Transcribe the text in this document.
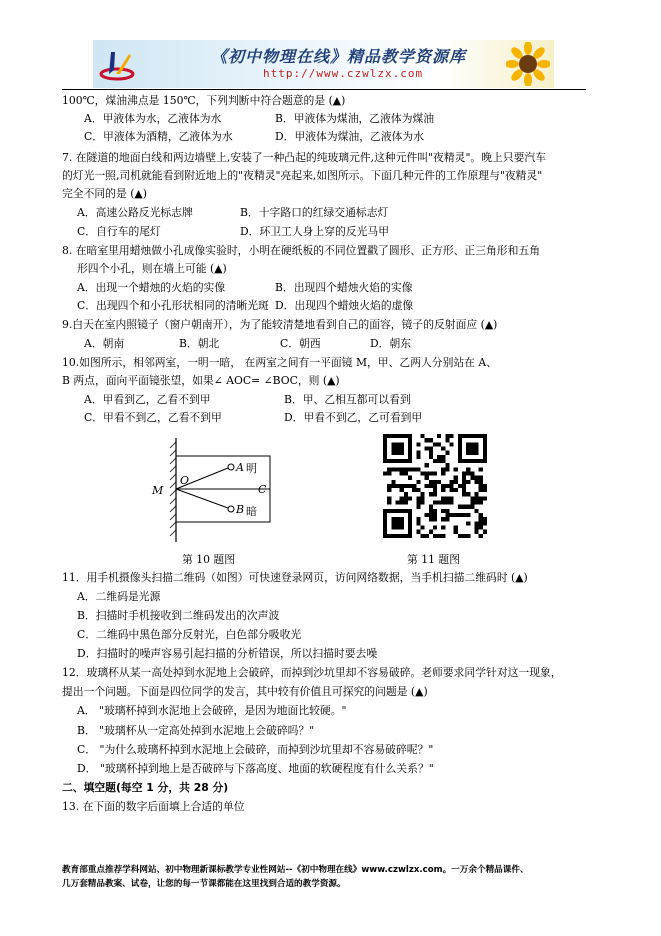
《初中物理在线》精品教学资源库
http://www.czwlzx.com
100℃，煤油沸点是 150℃，下列判断中符合题意的是 (▲)
A．甲液体为水，乙液体为水	B．甲液体为煤油，乙液体为煤油
C．甲液体为酒精，乙液体为水	D．甲液体为煤油，乙液体为水
7. 在隧道的地面白线和两边墙壁上,安装了一种凸起的纯玻璃元件,这种元件叫"夜精灵"。晚上只要汽车
的灯光一照,司机就能看到附近地上的"夜精灵"亮起来,如图所示。下面几种元件的工作原理与"夜精灵"
完全不同的是 (▲)
A．高速公路反光标志牌	B．十字路口的红绿交通标志灯
C．自行车的尾灯	D．环卫工人身上穿的反光马甲
8. 在暗室里用蜡烛做小孔成像实验时，小明在硬纸板的不同位置戳了圆形、正方形、正三角形和五角
形四个小孔，则在墙上可能 (▲)
A．出现一个蜡烛的火焰的实像	B．出现四个蜡烛火焰的实像
C．出现四个和小孔形状相同的清晰光斑 D．出现四个蜡烛火焰的虚像
9.白天在室内照镜子（窗户朝南开），为了能较清楚地看到自己的面容，镜子的反射面应 (▲)
A．朝南	B．朝北	C．朝西	D．朝东
10.如图所示，相邻两室，一明一暗， 在两室之间有一平面镜 M，甲、乙两人分别站在 A、
B 两点，面向平面镜张望，如果∠ AOC= ∠BOC，则 (▲)
A．甲看到乙，乙看不到甲	B．甲、乙相互都可以看到
C．甲看不到乙，乙看不到甲	D．甲看不到乙，乙可看到甲
11．用手机摄像头扫描二维码（如图）可快速登录网页，访问网络数据，当手机扫描二维码时 (▲)
A．二维码是光源
B．扫描时手机接收到二维码发出的次声波
C．二维码中黑色部分反射光，白色部分吸收光
D．扫描时的噪声容易引起扫描的分析错误，所以扫描时要去噪
12．玻璃杯从某一高处掉到水泥地上会破碎，而掉到沙坑里却不容易破碎。老师要求同学针对这一现象，
提出一个问题。下面是四位同学的发言，其中较有价值且可探究的问题是 (▲)
A． "玻璃杯掉到水泥地上会破碎，是因为地面比较硬。"
B． "玻璃杯从一定高处掉到水泥地上会破碎吗？"
C． "为什么玻璃杯掉到水泥地上会破碎，而掉到沙坑里却不容易破碎呢？"
D． "玻璃杯掉到地上是否破碎与下落高度、地面的软硬程度有什么关系？"
二、填空题(每空 1 分，共 28 分)
13. 在下面的数字后面填上合适的单位
M
O
A
B
C
明
暗
第 10 题图	第 11 题图
教育部重点推荐学科网站、初中物理新课标教学专业性网站--《初中物理在线》www.czwlzx.com。一万余个精品课件、
几万套精品教案、试卷，让您的每一节课都能在这里找到合适的教学资源。
